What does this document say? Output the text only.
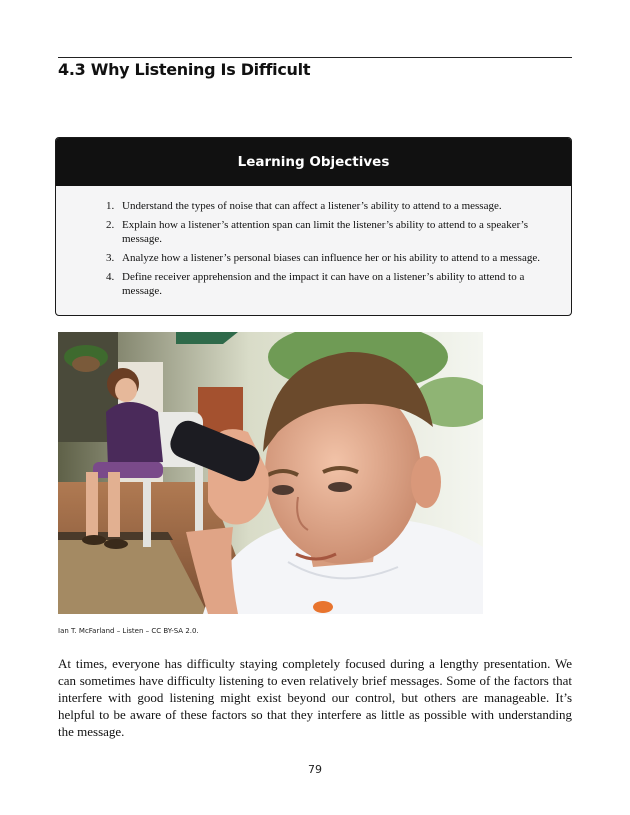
4.3 Why Listening Is Difficult
Learning Objectives
1. Understand the types of noise that can affect a listener’s ability to attend to a message.
2. Explain how a listener’s attention span can limit the listener’s ability to attend to a speaker’s message.
3. Analyze how a listener’s personal biases can influence her or his ability to attend to a message.
4. Define receiver apprehension and the impact it can have on a listener’s ability to attend to a message.
Ian T. McFarland – Listen – CC BY-SA 2.0.

At times, everyone has difficulty staying completely focused during a lengthy presentation. We can sometimes have difficulty listening to even relatively brief messages. Some of the factors that interfere with good listening might exist beyond our control, but others are manageable. It’s helpful to be aware of these factors so that they interfere as little as possible with understanding the message.

79
